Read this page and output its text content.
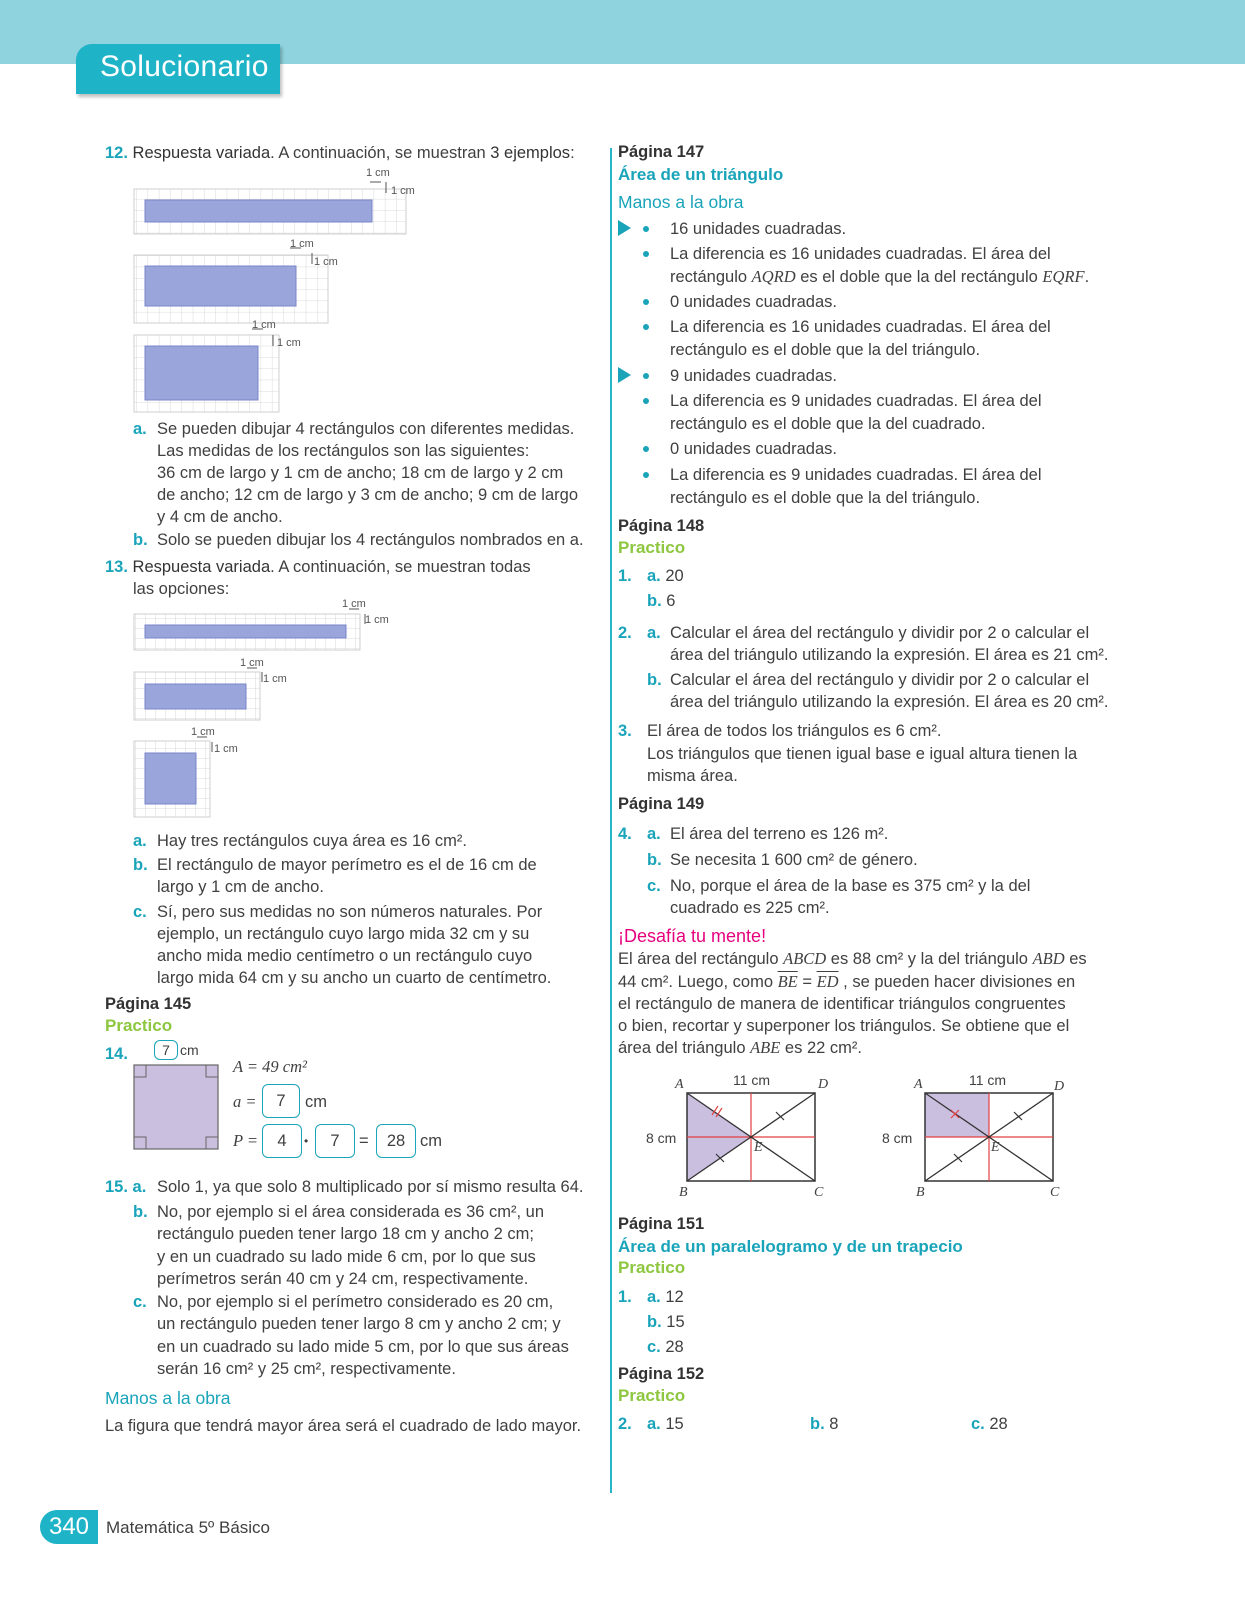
Solucionario
12. Respuesta variada. A continuación, se muestran 3 ejemplos:
1 cm
1 cm
1 cm
1 cm
1 cm
1 cm
a. Se pueden dibujar 4 rectángulos con diferentes medidas.
Las medidas de los rectángulos son las siguientes:
36 cm de largo y 1 cm de ancho; 18 cm de largo y 2 cm
de ancho; 12 cm de largo y 3 cm de ancho; 9 cm de largo
y 4 cm de ancho.
b. Solo se pueden dibujar los 4 rectángulos nombrados en a.
13. Respuesta variada. A continuación, se muestran todas
las opciones:
1 cm
1 cm
1 cm
1 cm
1 cm
1 cm
a. Hay tres rectángulos cuya área es 16 cm².
b. El rectángulo de mayor perímetro es el de 16 cm de
largo y 1 cm de ancho.
c. Sí, pero sus medidas no son números naturales. Por
ejemplo, un rectángulo cuyo largo mida 32 cm y su
ancho mida medio centímetro o un rectángulo cuyo
largo mida 64 cm y su ancho un cuarto de centímetro.
Página 145
Practico
14.	7 cm
A = 49 cm²
a =	7	cm
P =	4	•	7	=	28 cm
15. a. Solo 1, ya que solo 8 multiplicado por sí mismo resulta 64.
b. No, por ejemplo si el área considerada es 36 cm², un
rectángulo pueden tener largo 18 cm y ancho 2 cm;
y en un cuadrado su lado mide 6 cm, por lo que sus
perímetros serán 40 cm y 24 cm, respectivamente.
c. No, por ejemplo si el perímetro considerado es 20 cm,
un rectángulo pueden tener largo 8 cm y ancho 2 cm; y
en un cuadrado su lado mide 5 cm, por lo que sus áreas
serán 16 cm² y 25 cm², respectivamente.
Manos a la obra
La figura que tendrá mayor área será el cuadrado de lado mayor.
Página 147
Área de un triángulo
Manos a la obra
16 unidades cuadradas.
La diferencia es 16 unidades cuadradas. El área del
rectángulo AQRD es el doble que la del rectángulo EQRF.
0 unidades cuadradas.
La diferencia es 16 unidades cuadradas. El área del
rectángulo es el doble que la del triángulo.
9 unidades cuadradas.
La diferencia es 9 unidades cuadradas. El área del
rectángulo es el doble que la del cuadrado.
0 unidades cuadradas.
La diferencia es 9 unidades cuadradas. El área del
rectángulo es el doble que la del triángulo.
Página 148
Practico
1. a. 20
b. 6
2. a. Calcular el área del rectángulo y dividir por 2 o calcular el
área del triángulo utilizando la expresión. El área es 21 cm².
b. Calcular el área del rectángulo y dividir por 2 o calcular el
área del triángulo utilizando la expresión. El área es 20 cm².
3. El área de todos los triángulos es 6 cm².
Los triángulos que tienen igual base e igual altura tienen la
misma área.
Página 149
4. a. El área del terreno es 126 m².
b. Se necesita 1 600 cm² de género.
c. No, porque el área de la base es 375 cm² y la del
cuadrado es 225 cm².
¡Desafía tu mente!
El área del rectángulo ABCD es 88 cm² y la del triángulo ABD es
44 cm². Luego, como $\overline{BE} = \overline{ED}$ , se pueden hacer divisiones en
el rectángulo de manera de identificar triángulos congruentes
o bien, recortar y superponer los triángulos. Se obtiene que el
área del triángulo ABE es 22 cm².
A	11 cm	D
8 cm
E
B	C
A	11 cm	D
8 cm
E
B	C
Página 151
Área de un paralelogramo y de un trapecio
Practico
1. a. 12
b. 15
c. 28
Página 152
Practico
2. a. 15	b. 8	c. 28
340 Matemática 5º Básico
